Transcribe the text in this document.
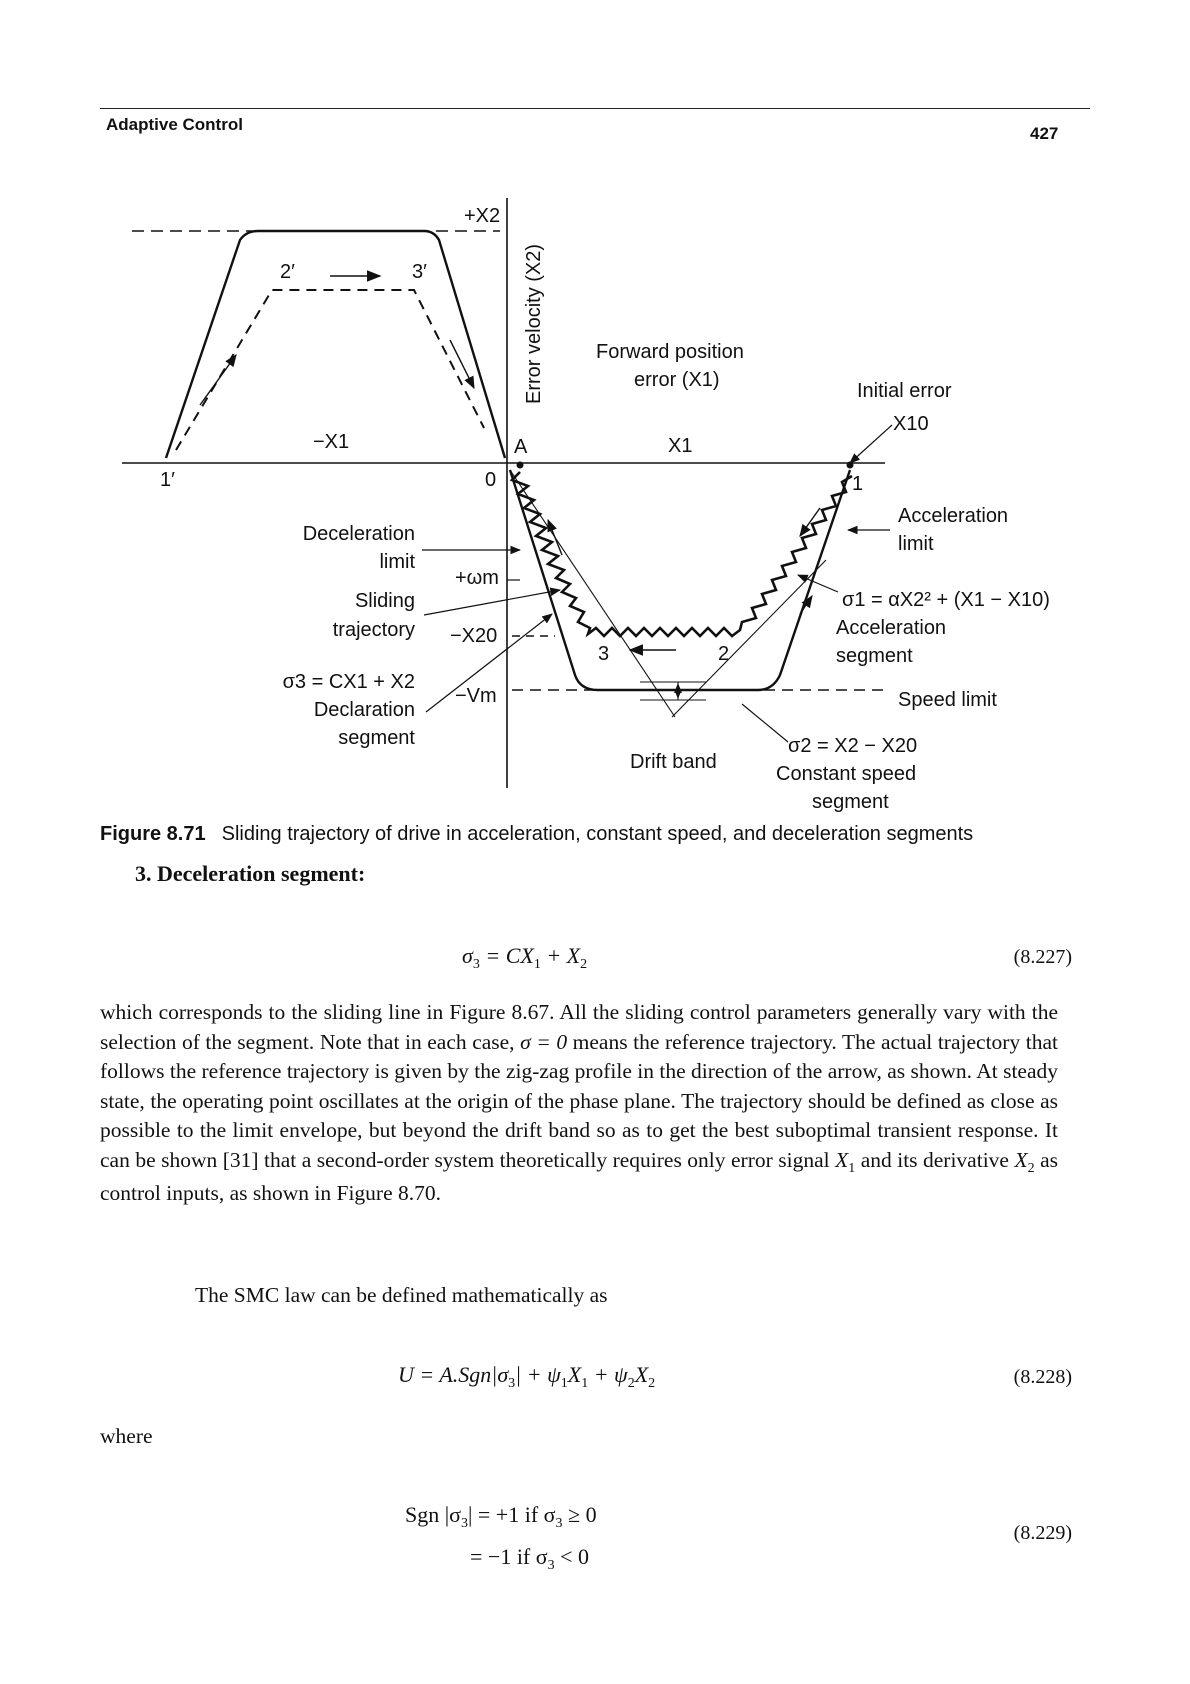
Adaptive Control	427
+X2
Error velocity (X2)	Forward position
error (X1)	Initial error
X10
−X1	X1
A
0	1
1′
2′	3′
3	2
Deceleration
limit
+ωm
Sliding
trajectory −X20
σ3 = CX1 + X2
Declaration
segment
−Vm
Acceleration
limit
σ1 = αX2² + (X1 − X10)
Acceleration
segment
Speed limit
Drift band
σ2 = X2 − X20
Constant speed
segment
Figure 8.71 Sliding trajectory of drive in acceleration, constant speed, and deceleration segments
3. Deceleration segment:
$\sigma_3 = CX_1 + X_2$	(8.227)
which corresponds to the sliding line in Figure 8.67. All the sliding control parameters generally vary with the selection of the segment. Note that in each case, σ = 0 means the reference trajectory. The actual trajectory that follows the reference trajectory is given by the zig-zag profile in the direction of the arrow, as shown. At steady state, the operating point oscillates at the origin of the phase plane. The trajectory should be defined as close as possible to the limit envelope, but beyond the drift band so as to get the best suboptimal transient response. It can be shown [31] that a second-order system theoretically requires only error signal $X_1$ and its derivative $X_2$ as control inputs, as shown in Figure 8.70.
The SMC law can be defined mathematically as
$U = A.Sgn|\sigma_3| + \psi_1X_1 + \psi_2X_2$	(8.228)
where
Sgn $|\sigma_3| = +1$ if $\sigma_3 \ge 0$
= −1 if $\sigma_3 < 0$
(8.229)
